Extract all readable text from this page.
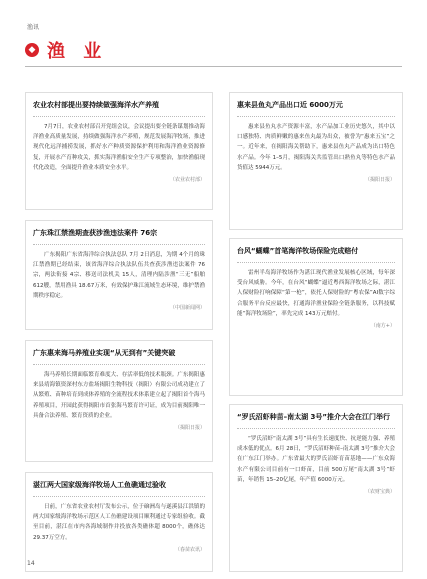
渔讯
◆ 渔 业
农业农村部提出要持续做强海洋水产养殖

7月7日，农业农村部召开党组会议，会议提出要全链条谋划推动海洋渔业高质量发展，持续做强海洋水产养殖，规范发展海洋牧场，推进现代化远洋捕捞发展，抓好水产种质资源保护利用和海洋渔业资源修复，开展水产育种攻关，抓实海洋渔船安全生产专项整治，加快渔船现代化改造，全面提升渔业本质安全水平。

（农业农村部）
广东珠江禁渔期查获涉渔违法案件 76宗

广东揭阳广东省海洋综合执法总队 7月 2日消息，为期 4个月的珠江禁渔期已经结束，该省海洋综合执法队伍共查获涉渔违法案件 76宗，两法衔接 4宗、移送司法机关 15人，清理内陆涉渔“三无”船舶 612艘，禁用渔具 18.67万米，有效保护珠江流域生态环境，维护禁渔期秩序稳定。

（中国新闻网）
广东惠来海马养殖业实现“从无到有”关键突破

海马养殖长期面临繁育难度大、存活率低的技术瓶颈。广东揭阳惠来县靖海镇资深村东方盐场揭阳生物科技（揭阳）有限公司成功建立了从繁殖、苗种培育到成体养殖的全流程技术体系建立起了揭阳首个海马养殖项目，开园此获得揭阳市首张海马繁育许可证，成为目前揭阳唯一具备合法养殖、繁育资质的企业。

（揭阳日报）
湛江两大国家级海洋牧场人工鱼礁通过验收

日前，广东省农业农村厅发布公示，位于硇洲岛与遂溪县江洪镇的两大国家级海洋牧场示范区人工鱼礁建设项目顺利通过专家组验收。截至目前，湛江在市内各海域制作并投放各类礁体超 8000个，礁体达 29.37万空方。

（春苗农讯）
惠来县鱼丸产品出口近 6000万元

惠来县鱼丸水产资源丰富，水产品加工业历史悠久，其中以口感独特、肉质鲜嫩的惠来鱼丸最为出众，被誉为“惠来五宝”之一。近年来，在揭阳海关帮助下，惠来县鱼丸产品成为出口特色水产品。今年 1–5月，揭阳海关共监管出口熟鱼丸等特色水产品货值达 5944万元。

（揭阳日报）
台风“蝴蝶”首笔海洋牧场保险完成赔付

雷州半岛海洋牧场作为湛江现代渔业发展核心区域，每年深受台风威胁。今年，在台风“蝴蝶”逼近粤西海洋牧场之际，湛江人保财险打响保障“第一枪”，依托人保财险的“粤农保”AI数字综合服务平台反应最快，打通海洋渔业保险全链条服务，以科技赋能“海洋牧场险”，率先完成 143万元赔付。

（南方+）
“罗氏沼虾种苗–南太湖 3号”推介大会在江门举行

“罗氏沼虾“南太湖 3号”具有生长速度快、抗逆能力强、养殖成本低的优点。6月 28日，“罗氏沼虾种苗–南太湖 3号”推介大会在广东江门举办。广东省最大的罗氏沼虾育苗基地——广东众海水产有限公司目前有一口虾苗，目前 500万尾“南太湖 3号”虾苗，年销售 15–20亿尾，年产值 6000万元。

（农财宝典）
14
